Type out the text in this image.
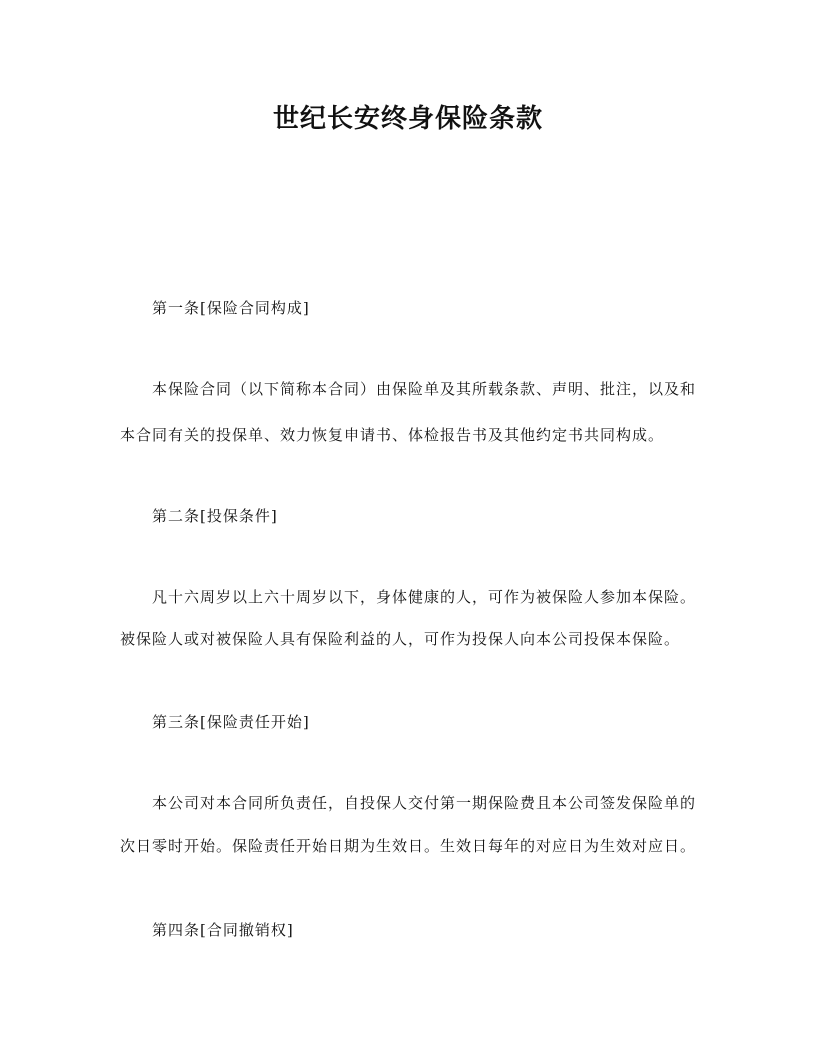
世纪长安终身保险条款
第一条[保险合同构成]
本保险合同（以下简称本合同）由保险单及其所载条款、声明、批注，以及和
本合同有关的投保单、效力恢复申请书、体检报告书及其他约定书共同构成。
第二条[投保条件]
凡十六周岁以上六十周岁以下，身体健康的人，可作为被保险人参加本保险。
被保险人或对被保险人具有保险利益的人，可作为投保人向本公司投保本保险。
第三条[保险责任开始]
本公司对本合同所负责任，自投保人交付第一期保险费且本公司签发保险单的
次日零时开始。保险责任开始日期为生效日。生效日每年的对应日为生效对应日。
第四条[合同撤销权]
